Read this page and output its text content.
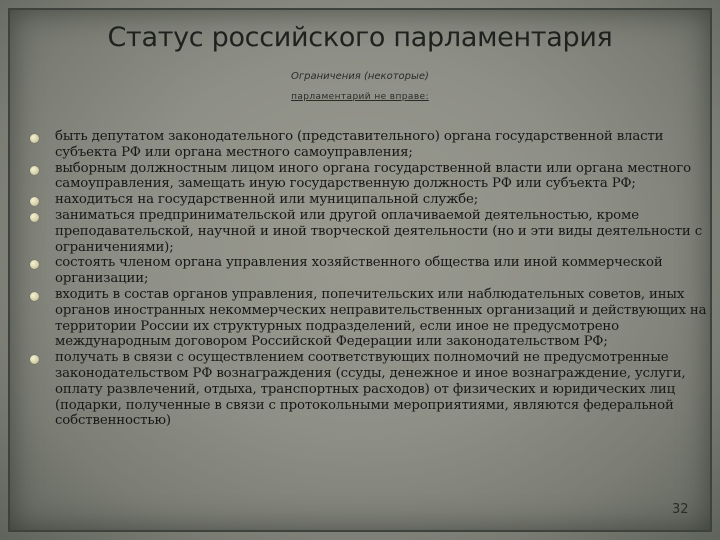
Статус российского парламентария
Ограничения (некоторые)
парламентарий не вправе:
быть депутатом законодательного (представительного) органа государственной власти субъекта РФ или органа местного самоуправления;
выборным должностным лицом иного органа государственной власти или органа местного самоуправления, замещать иную государственную должность РФ или субъекта РФ;
находиться на государственной или муниципальной службе;
заниматься предпринимательской или другой оплачиваемой деятельностью, кроме преподавательской, научной и иной творческой деятельности (но и эти виды деятельности с ограничениями);
состоять членом органа управления хозяйственного общества или иной коммерческой организации;
входить в состав органов управления, попечительских или наблюдательных советов, иных органов иностранных некоммерческих неправительственных организаций и действующих на территории России их структурных подразделений, если иное не предусмотрено международным договором Российской Федерации или законодательством РФ;
получать в связи с осуществлением соответствующих полномочий не предусмотренные законодательством РФ вознаграждения (ссуды, денежное и иное вознаграждение, услуги, оплату развлечений, отдыха, транспортных расходов) от физических и юридических лиц (подарки, полученные в связи с протокольными мероприятиями, являются федеральной собственностью)
32
